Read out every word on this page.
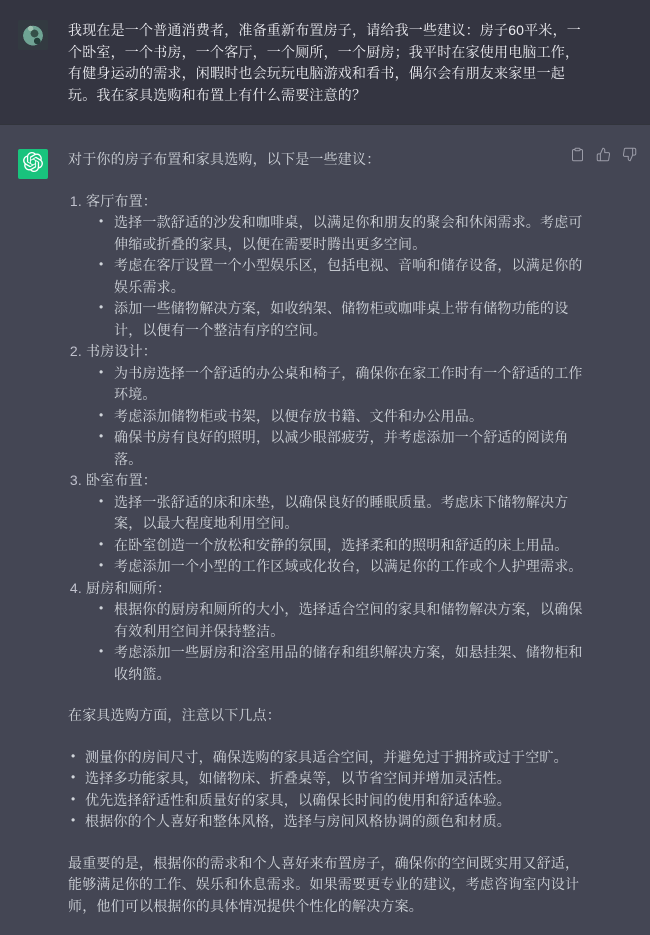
我现在是一个普通消费者，准备重新布置房子，请给我一些建议：房子60平米，一个卧室，一个书房，一个客厅，一个厕所，一个厨房；我平时在家使用电脑工作，有健身运动的需求，闲暇时也会玩玩电脑游戏和看书，偶尔会有朋友来家里一起玩。我在家具选购和布置上有什么需要注意的？

对于你的房子布置和家具选购，以下是一些建议：

1. 客厅布置：
• 选择一款舒适的沙发和咖啡桌，以满足你和朋友的聚会和休闲需求。考虑可伸缩或折叠的家具，以便在需要时腾出更多空间。
• 考虑在客厅设置一个小型娱乐区，包括电视、音响和储存设备，以满足你的娱乐需求。
• 添加一些储物解决方案，如收纳架、储物柜或咖啡桌上带有储物功能的设计，以便有一个整洁有序的空间。
2. 书房设计：
• 为书房选择一个舒适的办公桌和椅子，确保你在家工作时有一个舒适的工作环境。
• 考虑添加储物柜或书架，以便存放书籍、文件和办公用品。
• 确保书房有良好的照明，以减少眼部疲劳，并考虑添加一个舒适的阅读角落。
3. 卧室布置：
• 选择一张舒适的床和床垫，以确保良好的睡眠质量。考虑床下储物解决方案，以最大程度地利用空间。
• 在卧室创造一个放松和安静的氛围，选择柔和的照明和舒适的床上用品。
• 考虑添加一个小型的工作区域或化妆台，以满足你的工作或个人护理需求。
4. 厨房和厕所：
• 根据你的厨房和厕所的大小，选择适合空间的家具和储物解决方案，以确保有效利用空间并保持整洁。
• 考虑添加一些厨房和浴室用品的储存和组织解决方案，如悬挂架、储物柜和收纳篮。

在家具选购方面，注意以下几点：

• 测量你的房间尺寸，确保选购的家具适合空间，并避免过于拥挤或过于空旷。
• 选择多功能家具，如储物床、折叠桌等，以节省空间并增加灵活性。
• 优先选择舒适性和质量好的家具，以确保长时间的使用和舒适体验。
• 根据你的个人喜好和整体风格，选择与房间风格协调的颜色和材质。

最重要的是，根据你的需求和个人喜好来布置房子，确保你的空间既实用又舒适，能够满足你的工作、娱乐和休息需求。如果需要更专业的建议，考虑咨询室内设计师，他们可以根据你的具体情况提供个性化的解决方案。
